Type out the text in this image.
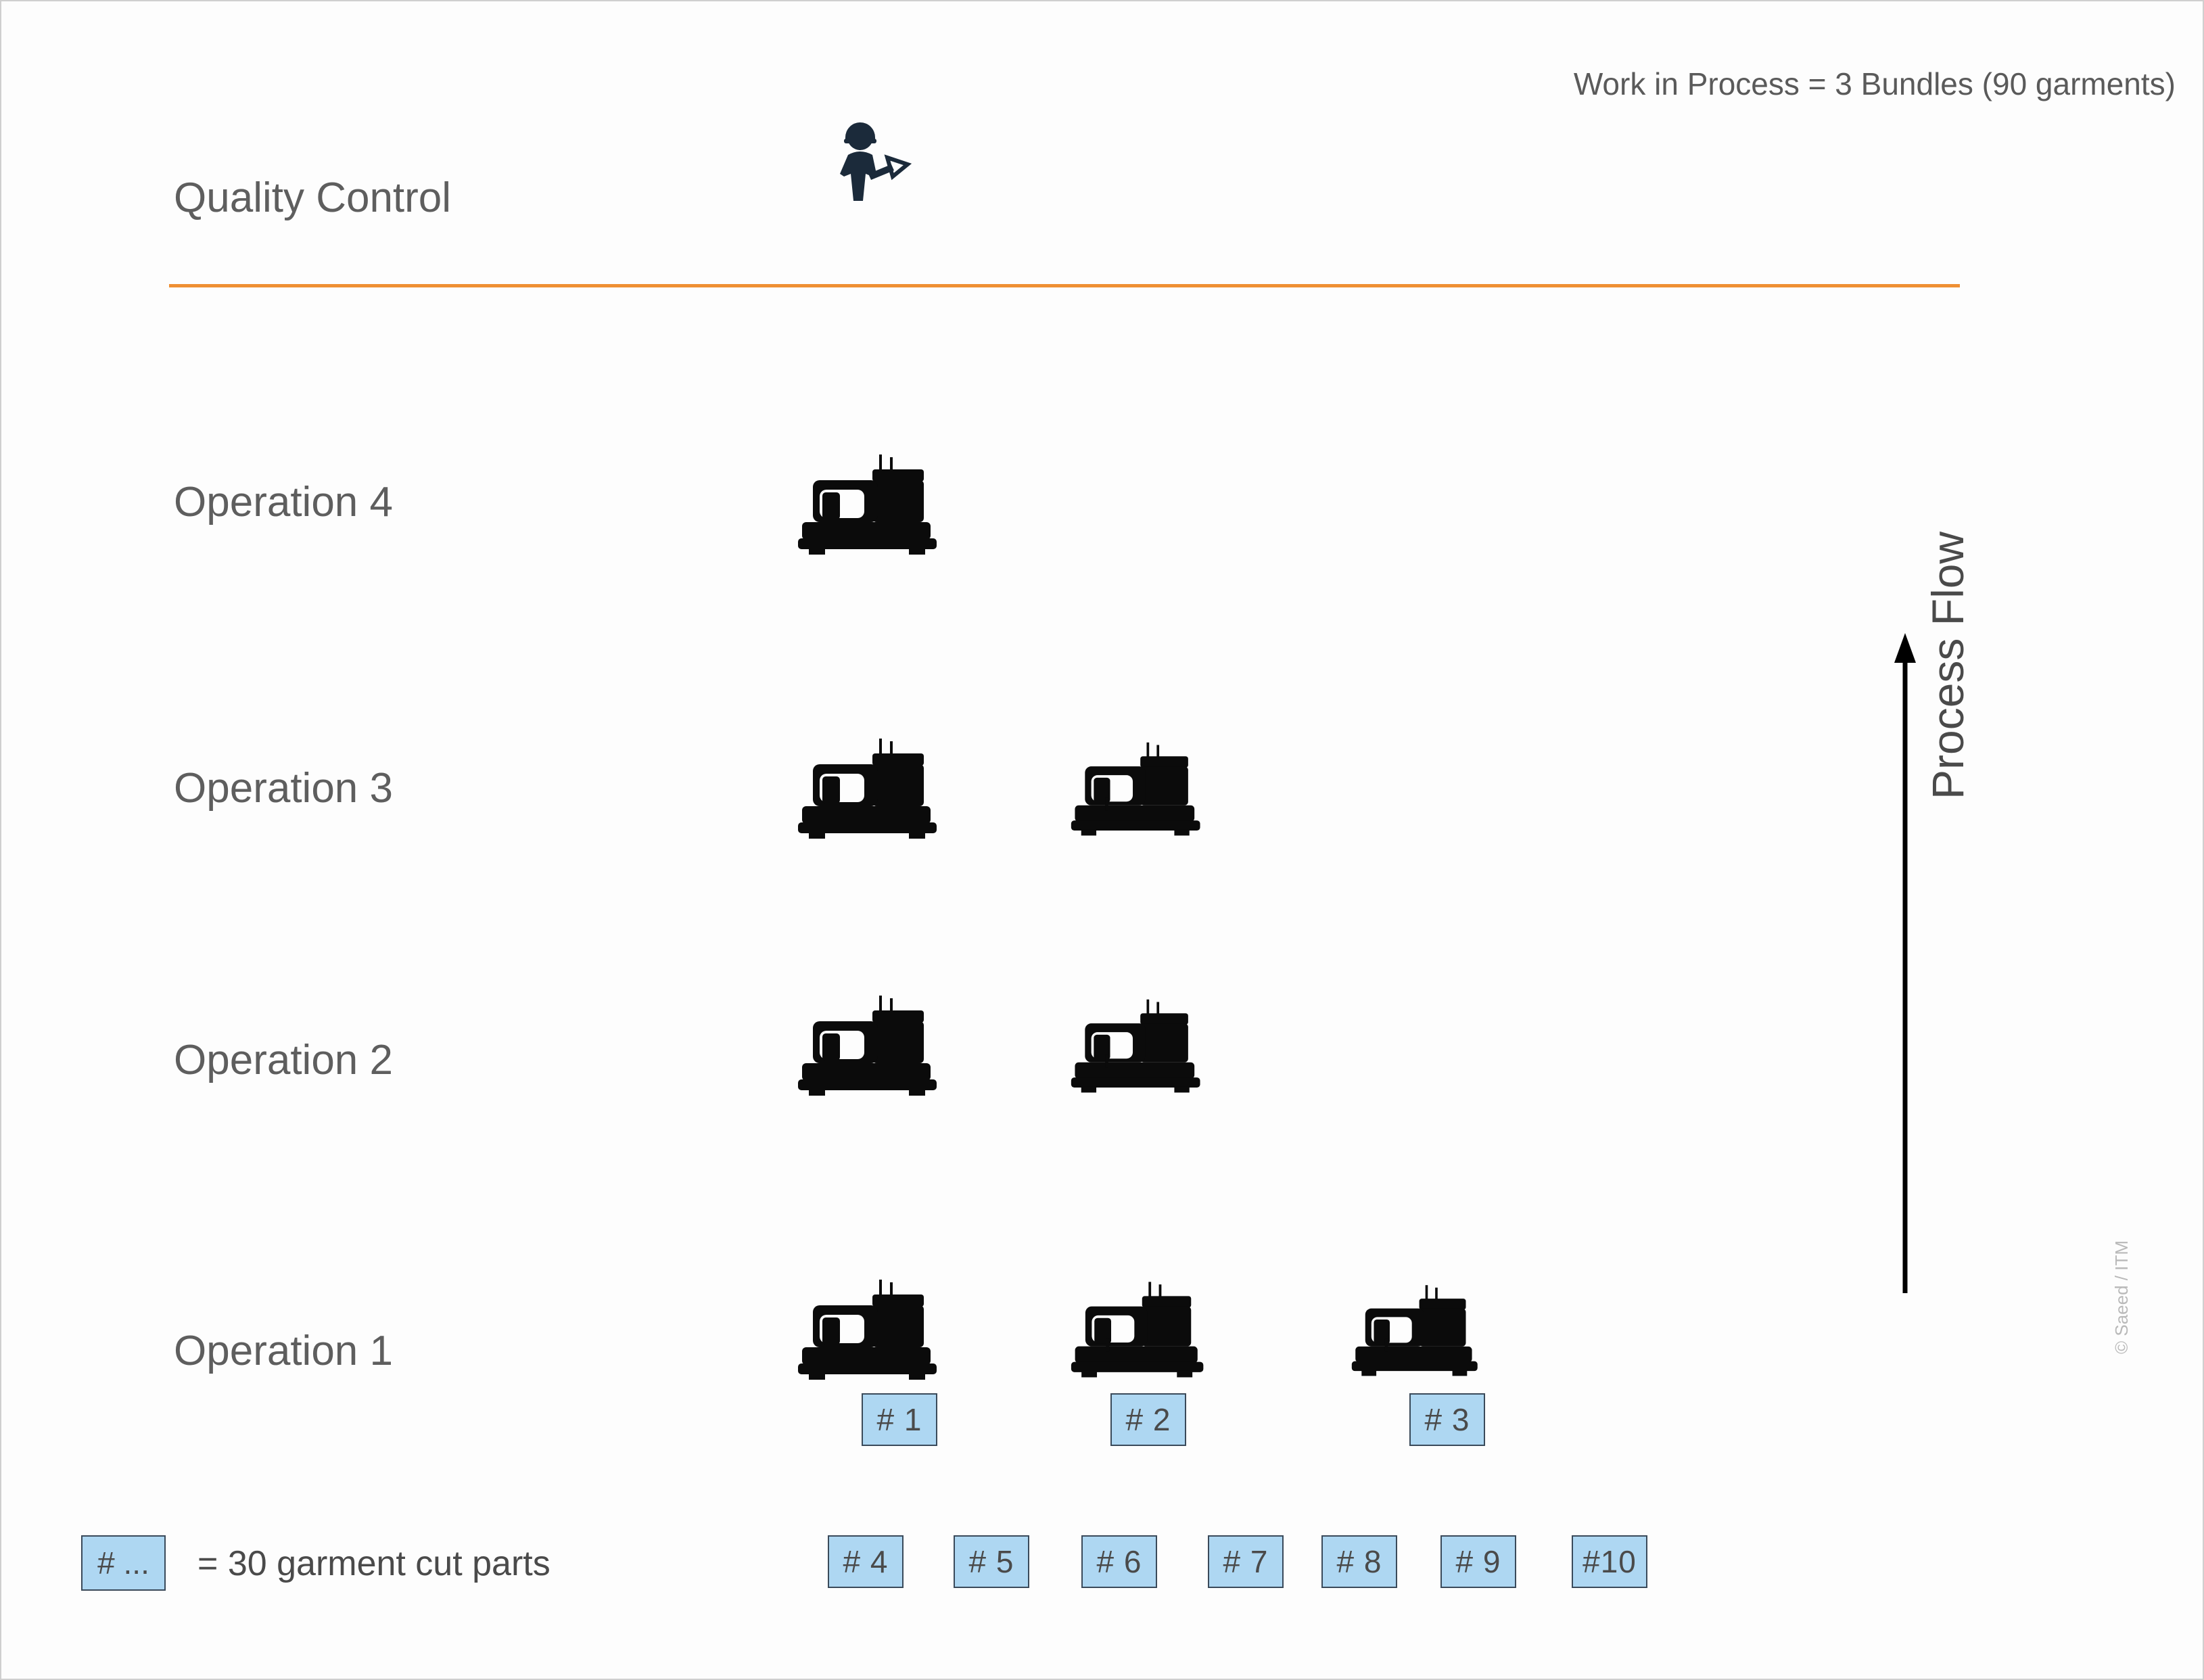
Work in Process = 3 Bundles (90 garments)
Quality Control
Operation 4
Operation 3
Operation 2
Operation 1
# 1	# 2	# 3
# 4	# 5	# 6	# 7	# 8	# 9	#10
# ...	= 30 garment cut parts
Process Flow
© Saeed / ITM
